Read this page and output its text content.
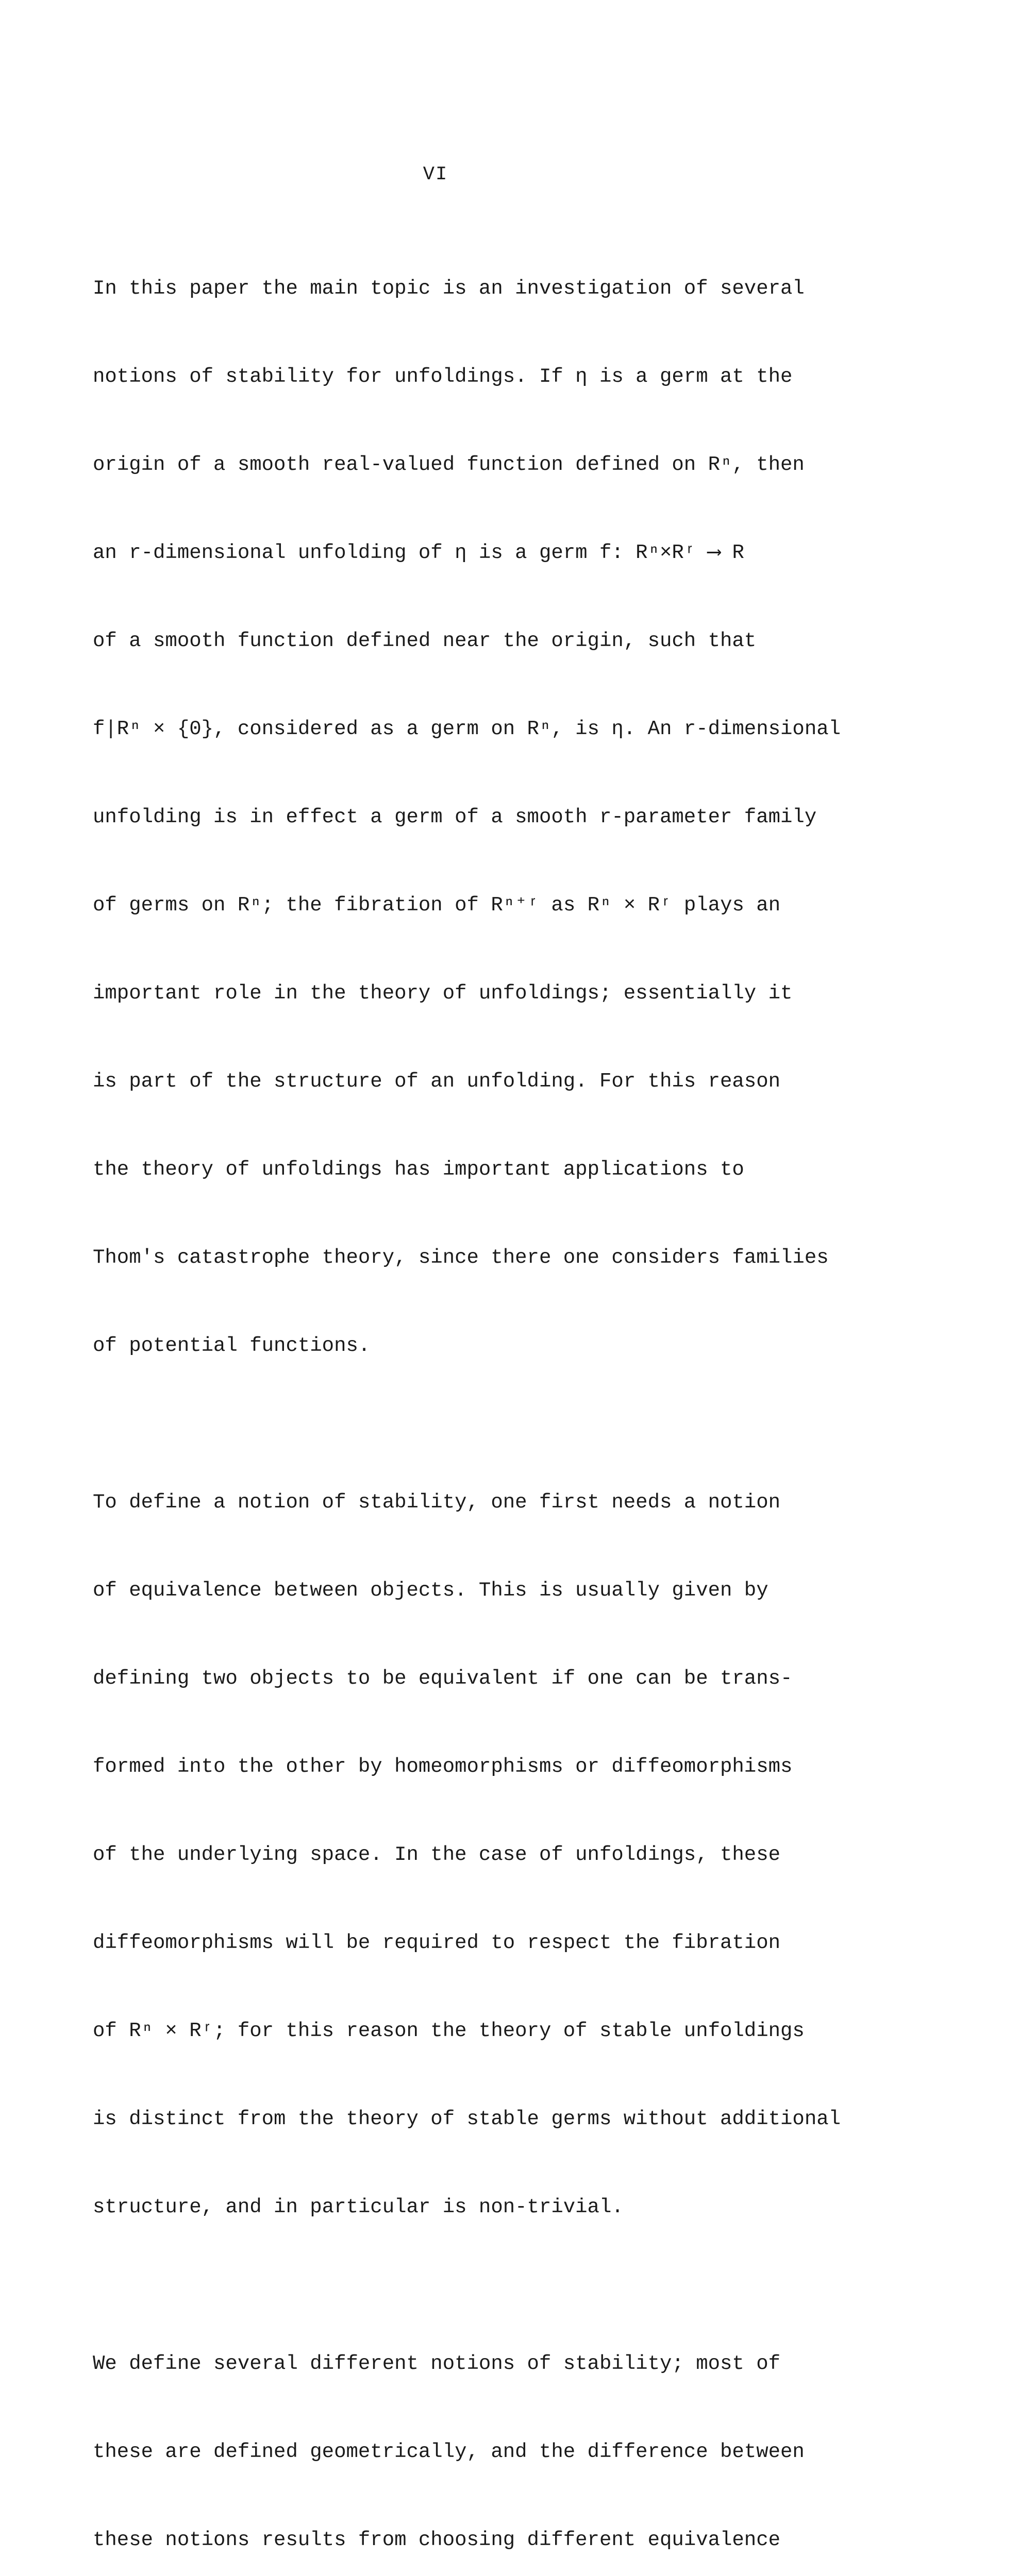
VI

In this paper the main topic is an investigation of several

notions of stability for unfoldings. If η is a germ at the

origin of a smooth real-valued function defined on Rⁿ, then

an r-dimensional unfolding of η is a germ f: Rⁿ×Rʳ ⟶ R

of a smooth function defined near the origin, such that

f|Rⁿ × {0}, considered as a germ on Rⁿ, is η. An r-dimensional

unfolding is in effect a germ of a smooth r-parameter family

of germs on Rⁿ; the fibration of Rⁿ⁺ʳ as Rⁿ × Rʳ plays an

important role in the theory of unfoldings; essentially it

is part of the structure of an unfolding. For this reason

the theory of unfoldings has important applications to

Thom's catastrophe theory, since there one considers families

of potential functions.

To define a notion of stability, one first needs a notion

of equivalence between objects. This is usually given by

defining two objects to be equivalent if one can be trans-

formed into the other by homeomorphisms or diffeomorphisms

of the underlying space. In the case of unfoldings, these

diffeomorphisms will be required to respect the fibration

of Rⁿ × Rʳ; for this reason the theory of stable unfoldings

is distinct from the theory of stable germs without additional

structure, and in particular is non-trivial.

We define several different notions of stability; most of

these are defined geometrically, and the difference between

these notions results from choosing different equivalence
